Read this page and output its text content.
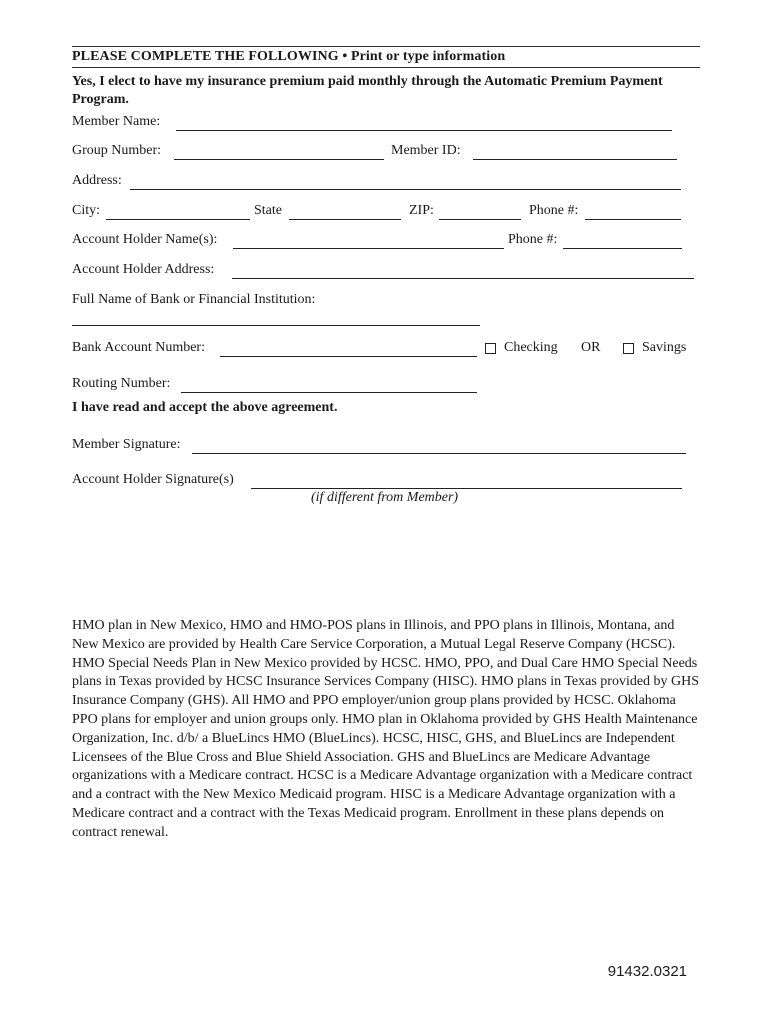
PLEASE COMPLETE THE FOLLOWING • Print or type information
Yes, I elect to have my insurance premium paid monthly through the Automatic Premium Payment Program.
Member Name:
Group Number:	Member ID:
Address:
City:	State	ZIP:	Phone #:
Account Holder Name(s):	Phone #:
Account Holder Address:
Full Name of Bank or Financial Institution:
Bank Account Number:	Checking OR	Savings
Routing Number:
I have read and accept the above agreement.
Member Signature:
Account Holder Signature(s)
(if different from Member)
HMO plan in New Mexico, HMO and HMO-POS plans in Illinois, and PPO plans in Illinois, Montana, and New Mexico are provided by Health Care Service Corporation, a Mutual Legal Reserve Company (HCSC). HMO Special Needs Plan in New Mexico provided by HCSC. HMO, PPO, and Dual Care HMO Special Needs plans in Texas provided by HCSC Insurance Services Company (HISC). HMO plans in Texas provided by GHS Insurance Company (GHS). All HMO and PPO employer/union group plans provided by HCSC. Oklahoma PPO plans for employer and union groups only. HMO plan in Oklahoma provided by GHS Health Maintenance Organization, Inc. d/b/ a BlueLincs HMO (BlueLincs). HCSC, HISC, GHS, and BlueLincs are Independent Licensees of the Blue Cross and Blue Shield Association. GHS and BlueLincs are Medicare Advantage organizations with a Medicare contract. HCSC is a Medicare Advantage organization with a Medicare contract and a contract with the New Mexico Medicaid program. HISC is a Medicare Advantage organization with a Medicare contract and a contract with the Texas Medicaid program. Enrollment in these plans depends on contract renewal.
91432.0321
